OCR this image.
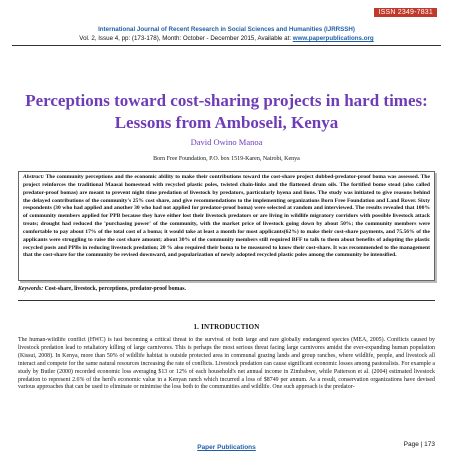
ISSN 2349-7831
International Journal of Recent Research in Social Sciences and Humanities (IJRRSSH)
Vol. 2, Issue 4, pp: (173-178), Month: October - December 2015, Available at: www.paperpublications.org
Perceptions toward cost-sharing projects in hard times: Lessons from Amboseli, Kenya
David Owino Manoa
Born Free Foundation, P.O. box 1519-Karen, Nairobi, Kenya
Abstract: The community perceptions and the economic ability to make their contributions toward the cost-share project dubbed-predator-proof boma was assessed. The project reinforces the traditional Maasai homestead with recycled plastic poles, twisted chain-links and the flattened drum oils. The fortified bome stead (also called predator-proof bomas) are meant to prevent night time predation of livestock by predators, particularly hyena and lions. The study was initiated to give reasons behind the delayed contributions of the community's 25% cost share, and give recommendations to the implementing organizations Born Free Foundation and Land Rover. Sixty respondents (30 who had applied and another 30 who had not applied for predator-proof boma) were selected at random and interviewed. The results revealed that 100% of community members applied for PPB because they have either lost their livestock predators or are living in wildlife migratory corridors with possible livestock attack treats; drought had reduced the 'purchasing power' of the community, with the market price of livestock going down by about 50%; the community members were comfortable to pay about 17% of the total cost of a boma; it would take at least a month for most applicants(62%) to make their cost-share payments, and 75.56% of the applicants were struggling to raise the cost share amount; about 30% of the community members still required BFF to talk to them about benefits of adopting the plastic recycled posts and PPBs in reducing livestock predation; 20 % also required their boma to be measured to know their cost-share. It was recommended to the management that the cost-share for the community be revised downward, and popularization of newly adopted recycled plastic poles among the community be intensified.
Keywords: Cost-share, livestock, perceptions, predator-proof bomas.
1. INTRODUCTION
The human-wildlife conflict (HWC) is fast becoming a critical threat to the survival of both large and rare globally endangered species (MEA, 2005). Conflicts caused by livestock predation lead to retaliatory killing of large carnivores. This is perhaps the most serious threat facing large carnivores amidst the ever-expanding human population (Kissui, 2008). In Kenya, more than 50% of wildlife habitat is outside protected area in communal grazing lands and group ranches, where wildlife, people, and livestock all interact and compete for the same natural resources increasing the rate of conflicts. Livestock predation can cause significant economic losses among pastoralists. For example a study by Butler (2000) recorded economic loss averaging $13 or 12% of each household's net annual income in Zimbabwe, while Patterson et al. (2004) estimated livestock predation to represent 2.6% of the herd's economic value in a Kenyan ranch which incurred a loss of $8749 per annum. As a result, conservation organizations have devised various approaches that can be used to eliminate or minimise the loss both to the communities and wildlife. One such approach is the predator-
Page | 173
Paper Publications
